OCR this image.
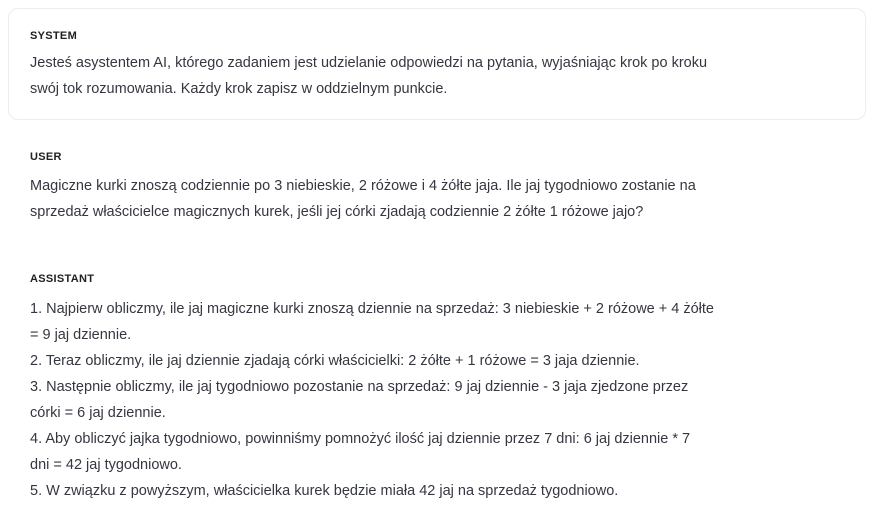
SYSTEM
Jesteś asystentem AI, którego zadaniem jest udzielanie odpowiedzi na pytania, wyjaśniając krok po kroku
swój tok rozumowania. Każdy krok zapisz w oddzielnym punkcie.
USER
Magiczne kurki znoszą codziennie po 3 niebieskie, 2 różowe i 4 żółte jaja. Ile jaj tygodniowo zostanie na
sprzedaż właścicielce magicznych kurek, jeśli jej córki zjadają codziennie 2 żółte 1 różowe jajo?
ASSISTANT
1. Najpierw obliczmy, ile jaj magiczne kurki znoszą dziennie na sprzedaż: 3 niebieskie + 2 różowe + 4 żółte
= 9 jaj dziennie.
2. Teraz obliczmy, ile jaj dziennie zjadają córki właścicielki: 2 żółte + 1 różowe = 3 jaja dziennie.
3. Następnie obliczmy, ile jaj tygodniowo pozostanie na sprzedaż: 9 jaj dziennie - 3 jaja zjedzone przez
córki = 6 jaj dziennie.
4. Aby obliczyć jajka tygodniowo, powinniśmy pomnożyć ilość jaj dziennie przez 7 dni: 6 jaj dziennie * 7
dni = 42 jaj tygodniowo.
5. W związku z powyższym, właścicielka kurek będzie miała 42 jaj na sprzedaż tygodniowo.
